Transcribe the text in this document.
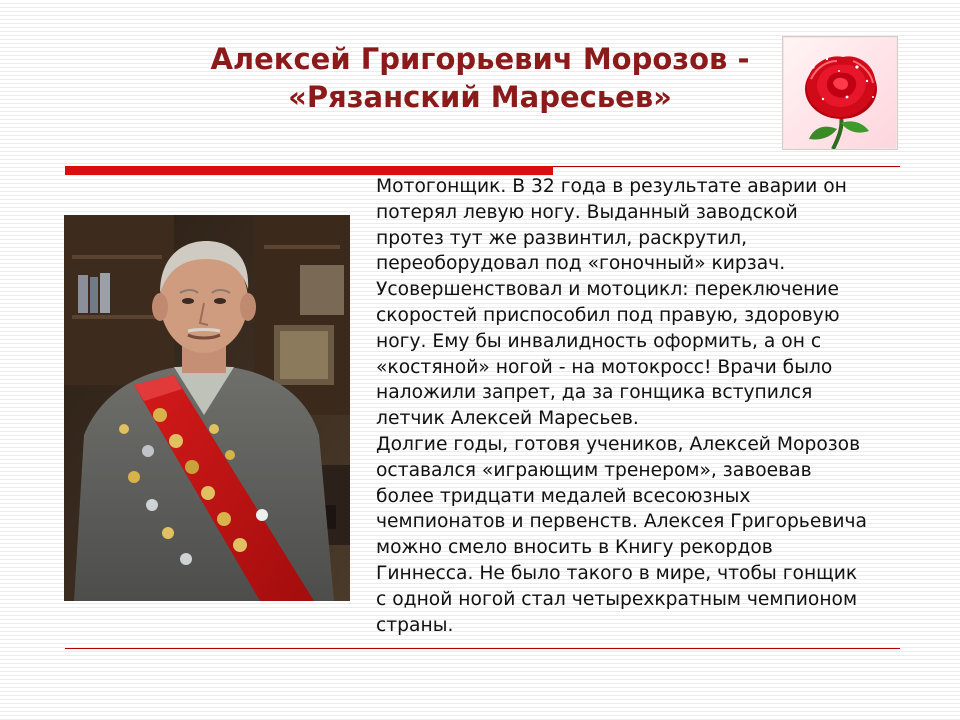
Алексей Григорьевич Морозов -
«Рязанский Маресьев»
Мотогонщик. В 32 года в результате аварии он
потерял левую ногу. Выданный заводской
протез тут же развинтил, раскрутил,
переоборудовал под «гоночный» кирзач.
Усовершенствовал и мотоцикл: переключение
скоростей приспособил под правую, здоровую
ногу. Ему бы инвалидность оформить, а он с
«костяной» ногой - на мотокросс! Врачи было
наложили запрет, да за гонщика вступился
летчик Алексей Маресьев.
Долгие годы, готовя учеников, Алексей Морозов
оставался «играющим тренером», завоевав
более тридцати медалей всесоюзных
чемпионатов и первенств. Алексея Григорьевича
можно смело вносить в Книгу рекордов
Гиннесса. Не было такого в мире, чтобы гонщик
с одной ногой стал четырехкратным чемпионом
страны.
